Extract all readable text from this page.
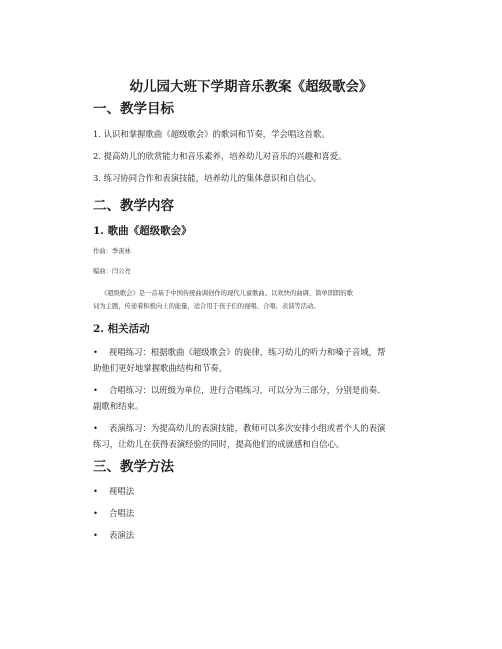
幼儿园大班下学期音乐教案《超级歌会》
一、教学目标
1. 认识和掌握歌曲《超级歌会》的歌词和节奏，学会唱这首歌。
2. 提高幼儿的欣赏能力和音乐素养，培养幼儿对音乐的兴趣和喜爱。
3. 练习协同合作和表演技能，培养幼儿的集体意识和自信心。
二、教学内容
1. 歌曲《超级歌会》
作曲：季羡林
编曲：闫公亮
《超级歌会》是一首基于中国传统曲调创作的现代儿童歌曲。以欢快的曲调、简单朗朗的歌
词为主题，传递着积极向上的能量，适合用于孩子们的视唱、合唱、表演等活动。
2. 相关活动
• 视唱练习：根据歌曲《超级歌会》的旋律，练习幼儿的听力和嗓子音域，帮
助他们更好地掌握歌曲结构和节奏。
• 合唱练习：以班级为单位，进行合唱练习，可以分为三部分，分别是前奏、
副歌和结束。
• 表演练习：为提高幼儿的表演技能，教师可以多次安排小组或者个人的表演
练习，让幼儿在获得表演经验的同时，提高他们的成就感和自信心。
三、教学方法
• 视唱法
• 合唱法
• 表演法
